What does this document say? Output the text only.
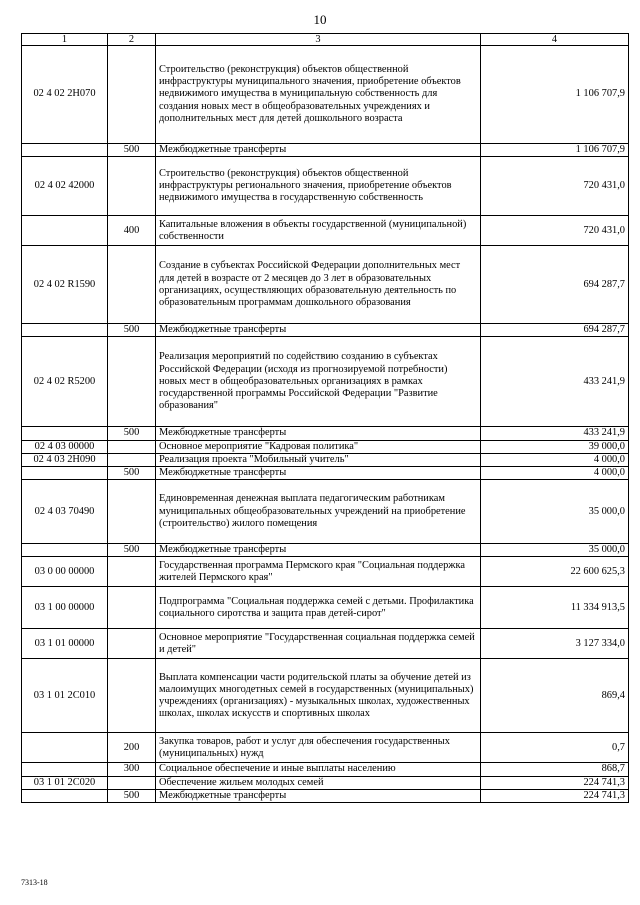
10
1	2	3	4
02 4 02 2Н070		Строительство (реконструкция) объектов общественной инфраструктуры муниципального значения, приобретение объектов недвижимого имущества в муниципальную собственность для создания новых мест в общеобразовательных учреждениях и дополнительных мест для детей дошкольного возраста	1 106 707,9
	500	Межбюджетные трансферты	1 106 707,9
02 4 02 42000		Строительство (реконструкция) объектов общественной инфраструктуры регионального значения, приобретение объектов недвижимого имущества в государственную собственность	720 431,0
	400	Капитальные вложения в объекты государственной (муниципальной) собственности	720 431,0
02 4 02 R1590		Создание в субъектах Российской Федерации дополнительных мест для детей в возрасте от 2 месяцев до 3 лет в образовательных организациях, осуществляющих образовательную деятельность по образовательным программам дошкольного образования	694 287,7
	500	Межбюджетные трансферты	694 287,7
02 4 02 R5200		Реализация мероприятий по содействию созданию в субъектах Российской Федерации (исходя из прогнозируемой потребности) новых мест в общеобразовательных организациях в рамках государственной программы Российской Федерации "Развитие образования"	433 241,9
	500	Межбюджетные трансферты	433 241,9
02 4 03 00000		Основное мероприятие "Кадровая политика"	39 000,0
02 4 03 2Н090		Реализация проекта "Мобильный учитель"	4 000,0
	500	Межбюджетные трансферты	4 000,0
02 4 03 70490		Единовременная денежная выплата педагогическим работникам муниципальных общеобразовательных учреждений на приобретение (строительство) жилого помещения	35 000,0
	500	Межбюджетные трансферты	35 000,0
03 0 00 00000		Государственная программа Пермского края "Социальная поддержка жителей Пермского края"	22 600 625,3
03 1 00 00000		Подпрограмма "Социальная поддержка семей с детьми. Профилактика социального сиротства и защита прав детей-сирот"	11 334 913,5
03 1 01 00000		Основное мероприятие "Государственная социальная поддержка семей и детей"	3 127 334,0
03 1 01 2С010		Выплата компенсации части родительской платы за обучение детей из малоимущих многодетных семей в государственных (муниципальных) учреждениях (организациях) - музыкальных школах, художественных школах, школах искусств и спортивных школах	869,4
	200	Закупка товаров, работ и услуг для обеспечения государственных (муниципальных) нужд	0,7
	300	Социальное обеспечение и иные выплаты населению	868,7
03 1 01 2С020		Обеспечение жильем молодых семей	224 741,3
	500	Межбюджетные трансферты	224 741,3
7313-18
